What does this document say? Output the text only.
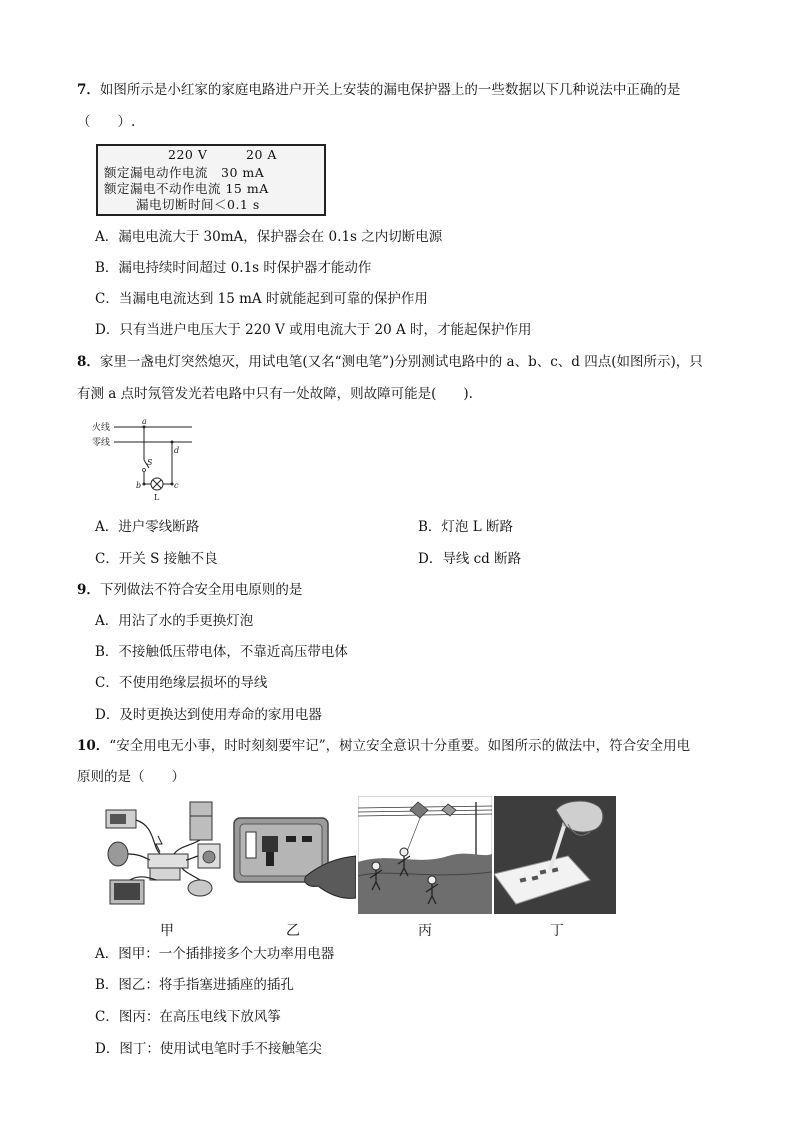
7．如图所示是小红家的家庭电路进户开关上安装的漏电保护器上的一些数据以下几种说法中正确的是
（　　）.
220 V	20 A
额定漏电动作电流　30 mA
额定漏电不动作电流 15 mA
漏电切断时间＜0.1 s
A．漏电电流大于 30mA，保护器会在 0.1s 之内切断电源
B．漏电持续时间超过 0.1s 时保护器才能动作
C．当漏电电流达到 15 mA 时就能起到可靠的保护作用
D．只有当进户电压大于 220 V 或用电流大于 20 A 时，才能起保护作用
8．家里一盏电灯突然熄灭，用试电笔(又名“测电笔”)分别测试电路中的 a、b、c、d 四点(如图所示)，只
有测 a 点时氖管发光若电路中只有一处故障，则故障可能是(　　).
火线
零线
a
S
b
L
c
d
A．进户零线断路	B．灯泡 L 断路
C．开关 S 接触不良	D．导线 cd 断路
9．下列做法不符合安全用电原则的是
A．用沾了水的手更换灯泡
B．不接触低压带电体，不靠近高压带电体
C．不使用绝缘层损坏的导线
D．及时更换达到使用寿命的家用电器
10．“安全用电无小事，时时刻刻要牢记”，树立安全意识十分重要。如图所示的做法中，符合安全用电
原则的是（　　）
甲	乙	丙	丁
A．图甲：一个插排接多个大功率用电器
B．图乙：将手指塞进插座的插孔
C．图丙：在高压电线下放风筝
D．图丁：使用试电笔时手不接触笔尖
